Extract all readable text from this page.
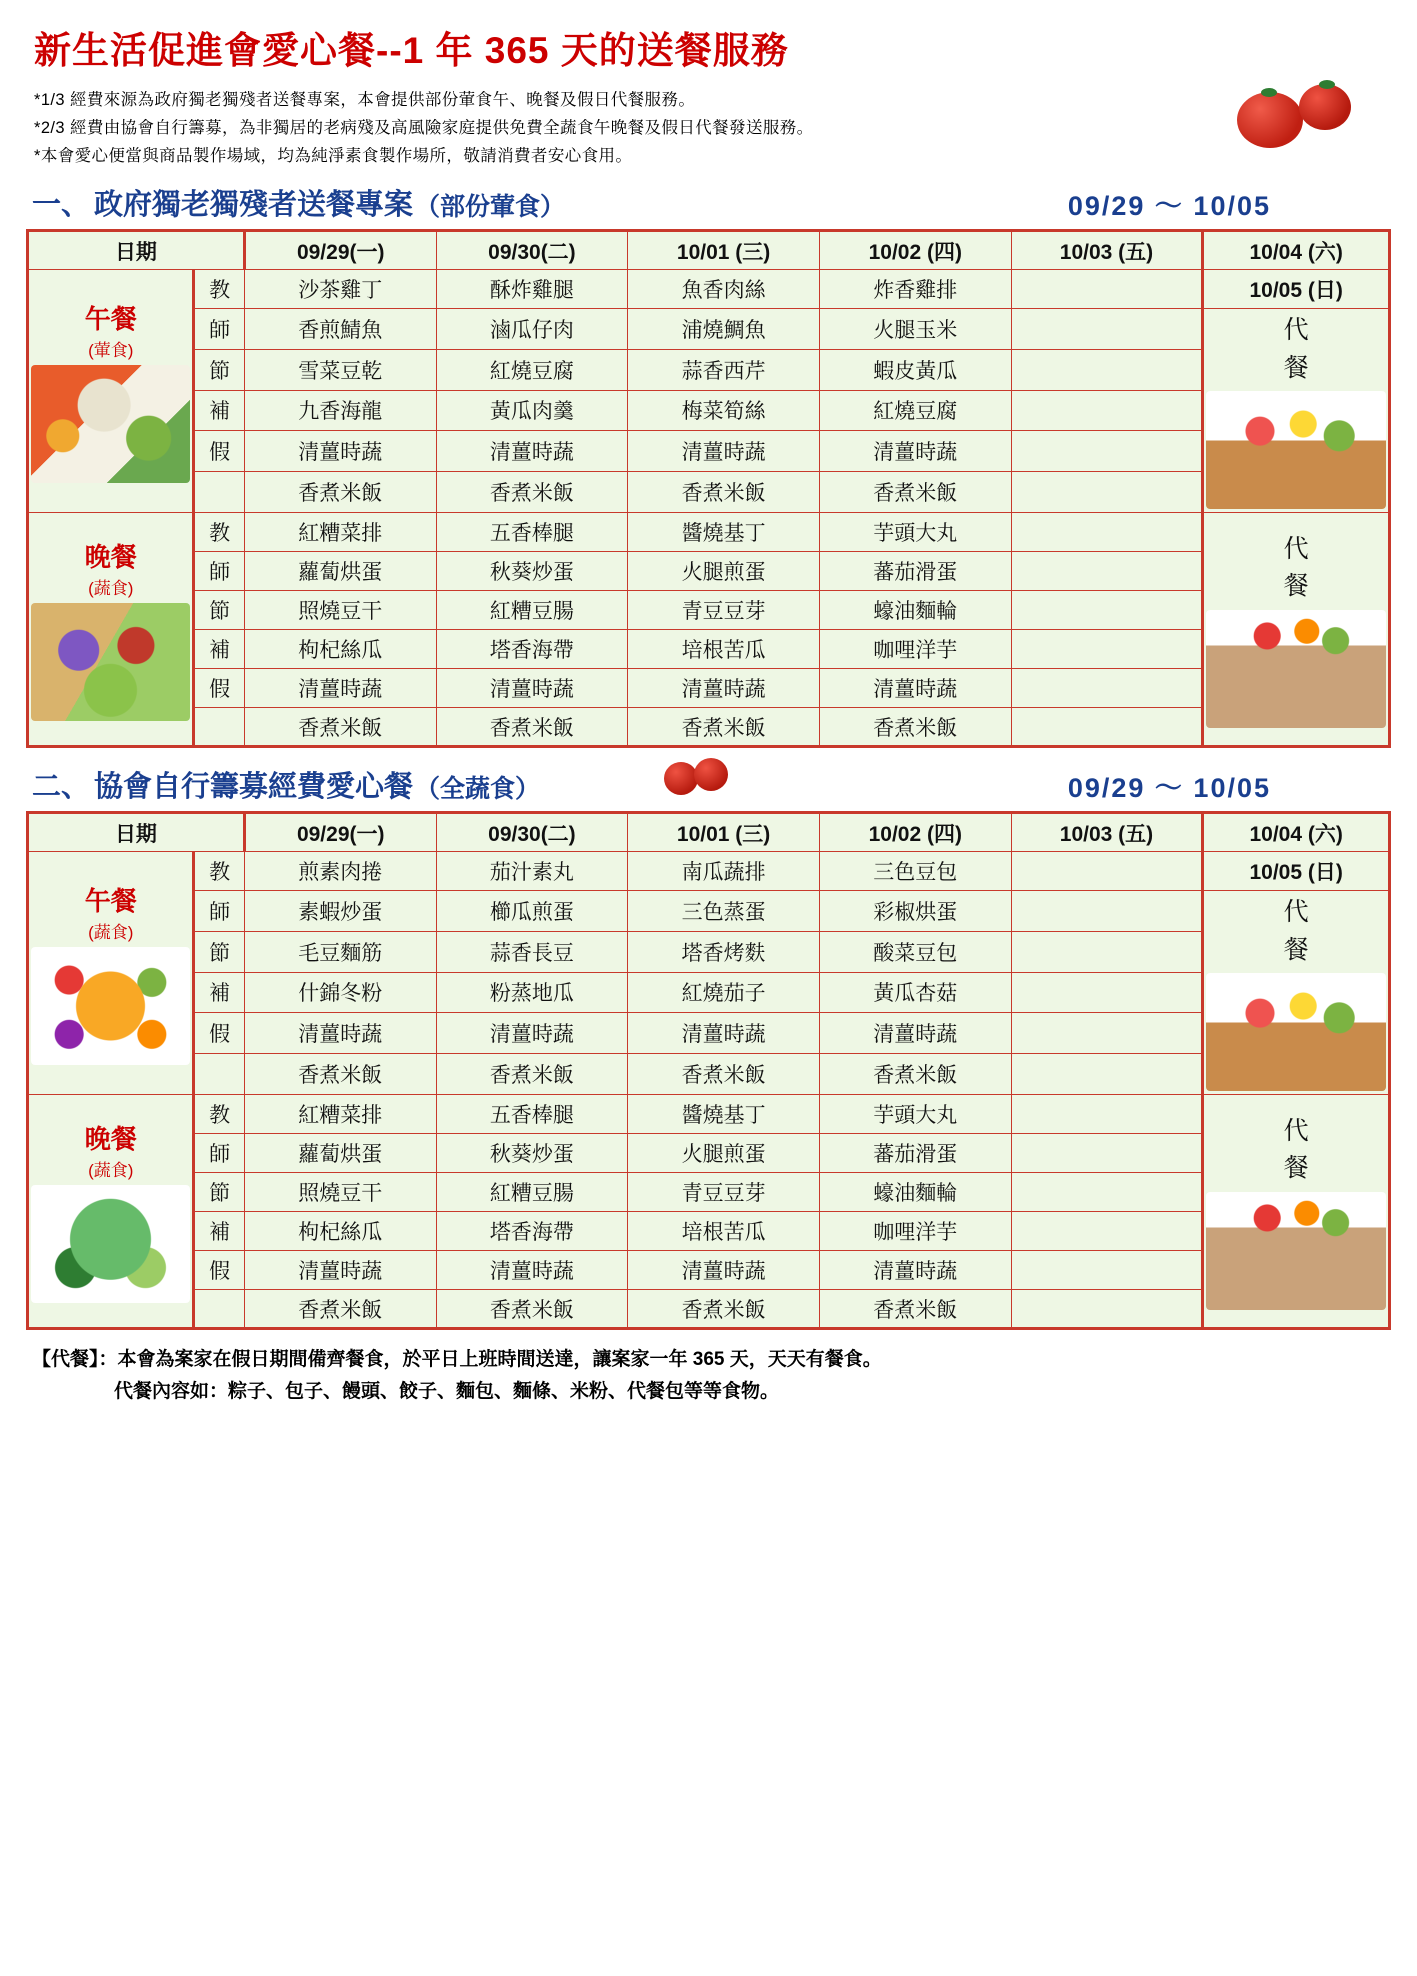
新生活促進會愛心餐--1 年 365 天的送餐服務
*1/3 經費來源為政府獨老獨殘者送餐專案，本會提供部份葷食午、晚餐及假日代餐服務。
*2/3 經費由協會自行籌募，為非獨居的老病殘及高風險家庭提供免費全蔬食午晚餐及假日代餐發送服務。
*本會愛心便當與商品製作場域，均為純淨素食製作場所，敬請消費者安心食用。
一、 政府獨老獨殘者送餐專案 （部份葷食）	09/29 ～ 10/05
日期		09/29(一)	09/30(二)	10/01 (三)	10/02 (四)	10/03 (五)	10/04 (六)

午餐
(葷食)	教	沙茶雞丁	酥炸雞腿	魚香肉絲	炸香雞排		10/05 (日)
	師	香煎鯖魚	滷瓜仔肉	浦燒鯛魚	火腿玉米		代
餐

	節	雪菜豆乾	紅燒豆腐	蒜香西芹	蝦皮黃瓜		
	補	九香海龍	黃瓜肉羹	梅菜筍絲	紅燒豆腐		
	假	清薑時蔬	清薑時蔬	清薑時蔬	清薑時蔬		
		香煮米飯	香煮米飯	香煮米飯	香煮米飯		

晚餐
(蔬食)
	教	紅糟菜排	五香棒腿	醬燒基丁	芋頭大丸		
代
餐

	師	蘿蔔烘蛋	秋葵炒蛋	火腿煎蛋	蕃茄滑蛋		
	節	照燒豆干	紅糟豆腸	青豆豆芽	蠔油麵輪		
	補	枸杞絲瓜	塔香海帶	培根苦瓜	咖哩洋芋		
	假	清薑時蔬	清薑時蔬	清薑時蔬	清薑時蔬		
		香煮米飯	香煮米飯	香煮米飯	香煮米飯		
二、 協會自行籌募經費愛心餐 （全蔬食）	09/29 ～ 10/05
日期		09/29(一)	09/30(二)	10/01 (三)	10/02 (四)	10/03 (五)	10/04 (六)

午餐
(蔬食)	教	煎素肉捲	茄汁素丸	南瓜蔬排	三色豆包		10/05 (日)
	師	素蝦炒蛋	櫛瓜煎蛋	三色蒸蛋	彩椒烘蛋		代
餐

	節	毛豆麵筋	蒜香長豆	塔香烤麩	酸菜豆包		
	補	什錦冬粉	粉蒸地瓜	紅燒茄子	黃瓜杏菇		
	假	清薑時蔬	清薑時蔬	清薑時蔬	清薑時蔬		
		香煮米飯	香煮米飯	香煮米飯	香煮米飯		

晚餐
(蔬食)
	教	紅糟菜排	五香棒腿	醬燒基丁	芋頭大丸		
代
餐

	師	蘿蔔烘蛋	秋葵炒蛋	火腿煎蛋	蕃茄滑蛋		
	節	照燒豆干	紅糟豆腸	青豆豆芽	蠔油麵輪		
	補	枸杞絲瓜	塔香海帶	培根苦瓜	咖哩洋芋		
	假	清薑時蔬	清薑時蔬	清薑時蔬	清薑時蔬		
		香煮米飯	香煮米飯	香煮米飯	香煮米飯		
【代餐】：本會為案家在假日期間備齊餐食，於平日上班時間送達，讓案家一年 365 天，天天有餐食。
代餐內容如：粽子、包子、饅頭、餃子、麵包、麵條、米粉、代餐包等等食物。
